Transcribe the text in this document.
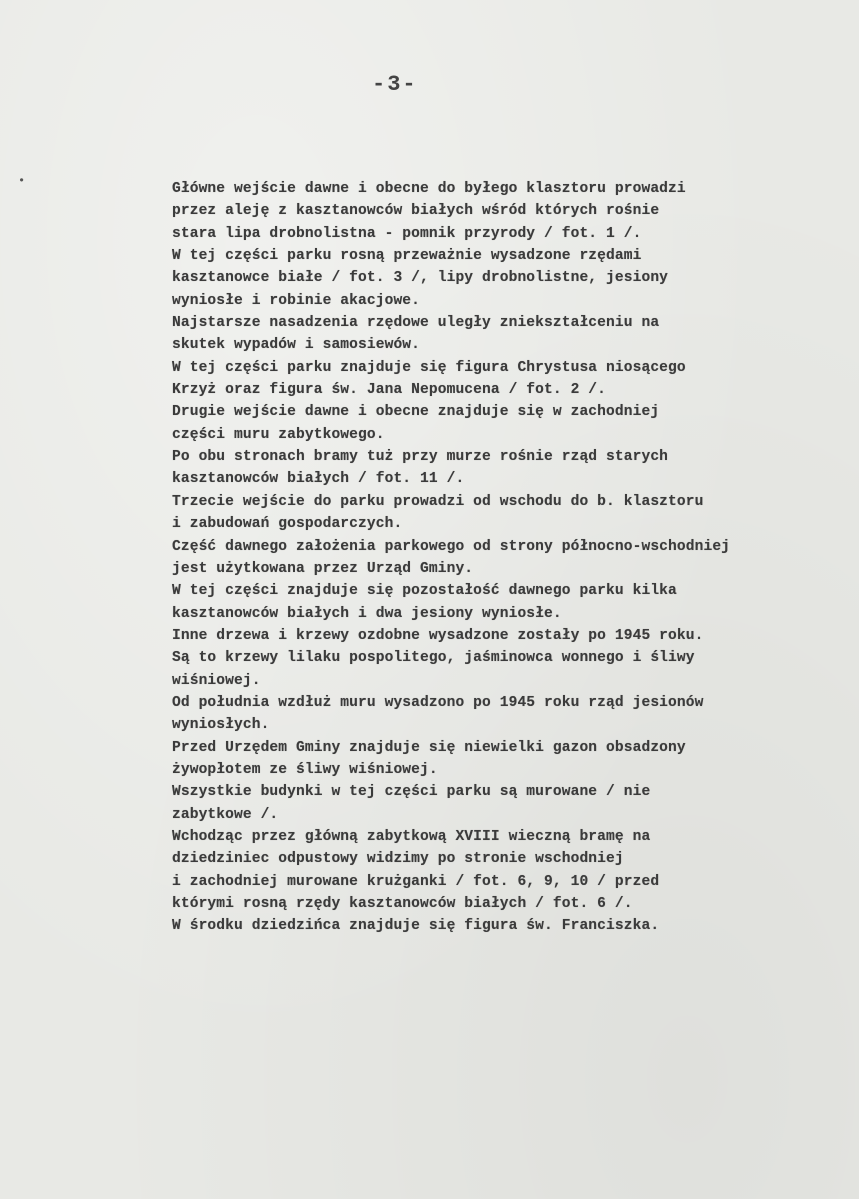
-3-
•	Główne wejście dawne i obecne do byłego klasztoru prowadzi
przez aleję z kasztanowców białych wśród których rośnie
stara lipa drobnolistna - pomnik przyrody / fot. 1 /.
W tej części parku rosną przeważnie wysadzone rzędami
kasztanowce białe / fot. 3 /, lipy drobnolistne, jesiony
wyniosłe i robinie akacjowe.
Najstarsze nasadzenia rzędowe uległy zniekształceniu na
skutek wypadów i samosiewów.
W tej części parku znajduje się figura Chrystusa niosącego
Krzyż oraz figura św. Jana Nepomucena / fot. 2 /.
Drugie wejście dawne i obecne znajduje się w zachodniej
części muru zabytkowego.
Po obu stronach bramy tuż przy murze rośnie rząd starych
kasztanowców białych / fot. 11 /.
Trzecie wejście do parku prowadzi od wschodu do b. klasztoru
i zabudowań gospodarczych.
Część dawnego założenia parkowego od strony północno-wschodniej
jest użytkowana przez Urząd Gminy.
W tej części znajduje się pozostałość dawnego parku kilka
kasztanowców białych i dwa jesiony wyniosłe.
Inne drzewa i krzewy ozdobne wysadzone zostały po 1945 roku.
Są to krzewy lilaku pospolitego, jaśminowca wonnego i śliwy
wiśniowej.
Od południa wzdłuż muru wysadzono po 1945 roku rząd jesionów
wyniosłych.
Przed Urzędem Gminy znajduje się niewielki gazon obsadzony
żywopłotem ze śliwy wiśniowej.
Wszystkie budynki w tej części parku są murowane / nie
zabytkowe /.
Wchodząc przez główną zabytkową XVIII wieczną bramę na
dziedziniec odpustowy widzimy po stronie wschodniej
i zachodniej murowane krużganki / fot. 6, 9, 10 / przed
którymi rosną rzędy kasztanowców białych / fot. 6 /.
W środku dziedzińca znajduje się figura św. Franciszka.
